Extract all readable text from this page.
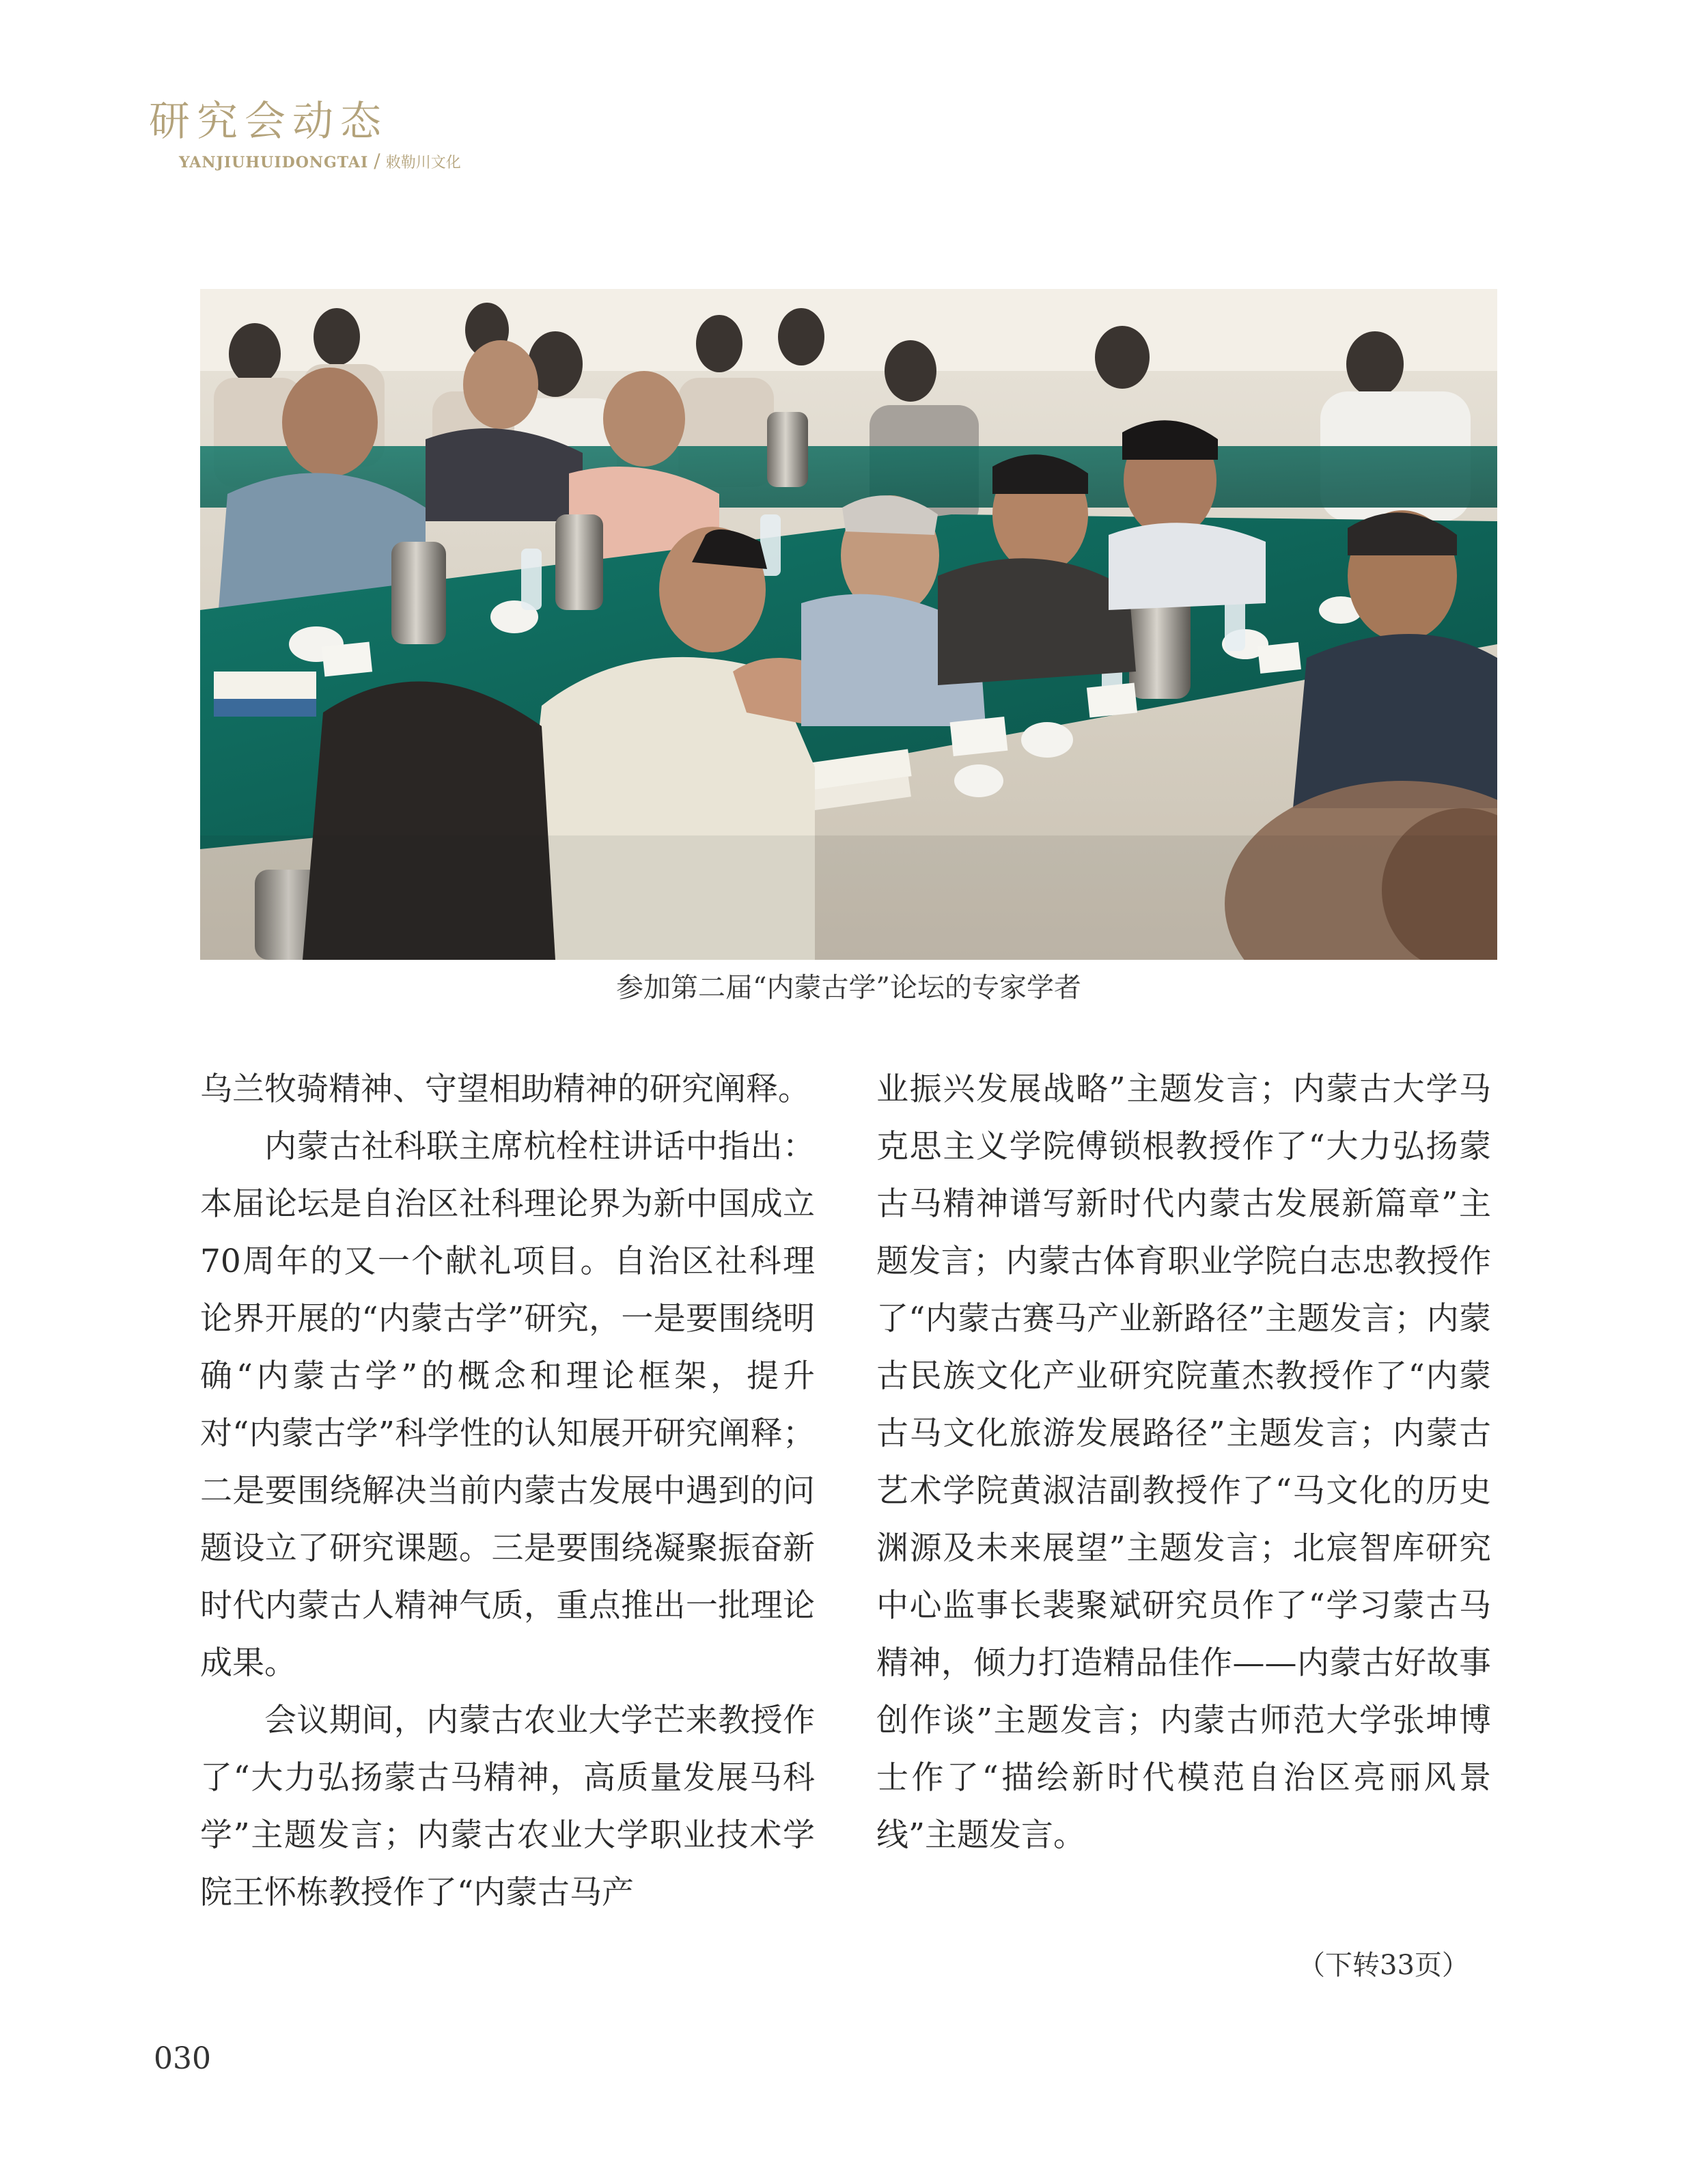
研究会动态
YANJIUHUIDONGTAI / 敕勒川文化
参加第二届“内蒙古学”论坛的专家学者

乌兰牧骑精神、守望相助精神的研究阐释。

内蒙古社科联主席杭栓柱讲话中指出：本届论坛是自治区社科理论界为新中国成立70周年的又一个献礼项目。自治区社科理论界开展的“内蒙古学”研究，一是要围绕明确“内蒙古学”的概念和理论框架，提升对“内蒙古学”科学性的认知展开研究阐释；二是要围绕解决当前内蒙古发展中遇到的问题设立了研究课题。三是要围绕凝聚振奋新时代内蒙古人精神气质，重点推出一批理论成果。

会议期间，内蒙古农业大学芒来教授作了“大力弘扬蒙古马精神，高质量发展马科学”主题发言；内蒙古农业大学职业技术学院王怀栋教授作了“内蒙古马产

业振兴发展战略”主题发言；内蒙古大学马克思主义学院傅锁根教授作了“大力弘扬蒙古马精神谱写新时代内蒙古发展新篇章”主题发言；内蒙古体育职业学院白志忠教授作了“内蒙古赛马产业新路径”主题发言；内蒙古民族文化产业研究院董杰教授作了“内蒙古马文化旅游发展路径”主题发言；内蒙古艺术学院黄淑洁副教授作了“马文化的历史渊源及未来展望”主题发言；北宸智库研究中心监事长裴聚斌研究员作了“学习蒙古马精神，倾力打造精品佳作——内蒙古好故事创作谈”主题发言；内蒙古师范大学张坤博士作了“描绘新时代模范自治区亮丽风景线”主题发言。

（下转33页）
030
